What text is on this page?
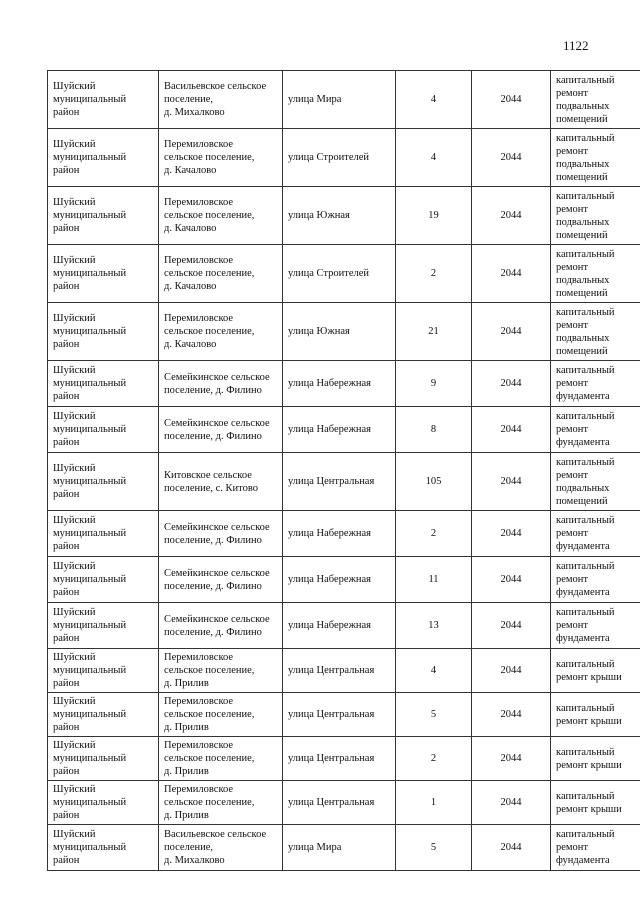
1122
Шуйский
муниципальный
район	Васильевское сельское
поселение,
д. Михалково	улица Мира	4	2044	капитальный
ремонт
подвальных
помещений
Шуйский
муниципальный
район	Перемиловское
сельское поселение,
д. Качалово	улица Строителей	4	2044	капитальный
ремонт
подвальных
помещений
Шуйский
муниципальный
район	Перемиловское
сельское поселение,
д. Качалово	улица Южная	19	2044	капитальный
ремонт
подвальных
помещений
Шуйский
муниципальный
район	Перемиловское
сельское поселение,
д. Качалово	улица Строителей	2	2044	капитальный
ремонт
подвальных
помещений
Шуйский
муниципальный
район	Перемиловское
сельское поселение,
д. Качалово	улица Южная	21	2044	капитальный
ремонт
подвальных
помещений
Шуйский
муниципальный
район	Семейкинское сельское
поселение, д. Филино	улица Набережная	9	2044	капитальный
ремонт
фундамента
Шуйский
муниципальный
район	Семейкинское сельское
поселение, д. Филино	улица Набережная	8	2044	капитальный
ремонт
фундамента
Шуйский
муниципальный
район	Китовское сельское
поселение, с. Китово	улица Центральная	105	2044	капитальный
ремонт
подвальных
помещений
Шуйский
муниципальный
район	Семейкинское сельское
поселение, д. Филино	улица Набережная	2	2044	капитальный
ремонт
фундамента
Шуйский
муниципальный
район	Семейкинское сельское
поселение, д. Филино	улица Набережная	11	2044	капитальный
ремонт
фундамента
Шуйский
муниципальный
район	Семейкинское сельское
поселение, д. Филино	улица Набережная	13	2044	капитальный
ремонт
фундамента
Шуйский
муниципальный
район	Перемиловское
сельское поселение,
д. Прилив	улица Центральная	4	2044	капитальный
ремонт крыши
Шуйский
муниципальный
район	Перемиловское
сельское поселение,
д. Прилив	улица Центральная	5	2044	капитальный
ремонт крыши
Шуйский
муниципальный
район	Перемиловское
сельское поселение,
д. Прилив	улица Центральная	2	2044	капитальный
ремонт крыши
Шуйский
муниципальный
район	Перемиловское
сельское поселение,
д. Прилив	улица Центральная	1	2044	капитальный
ремонт крыши
Шуйский
муниципальный
район	Васильевское сельское
поселение,
д. Михалково	улица Мира	5	2044	капитальный
ремонт
фундамента
